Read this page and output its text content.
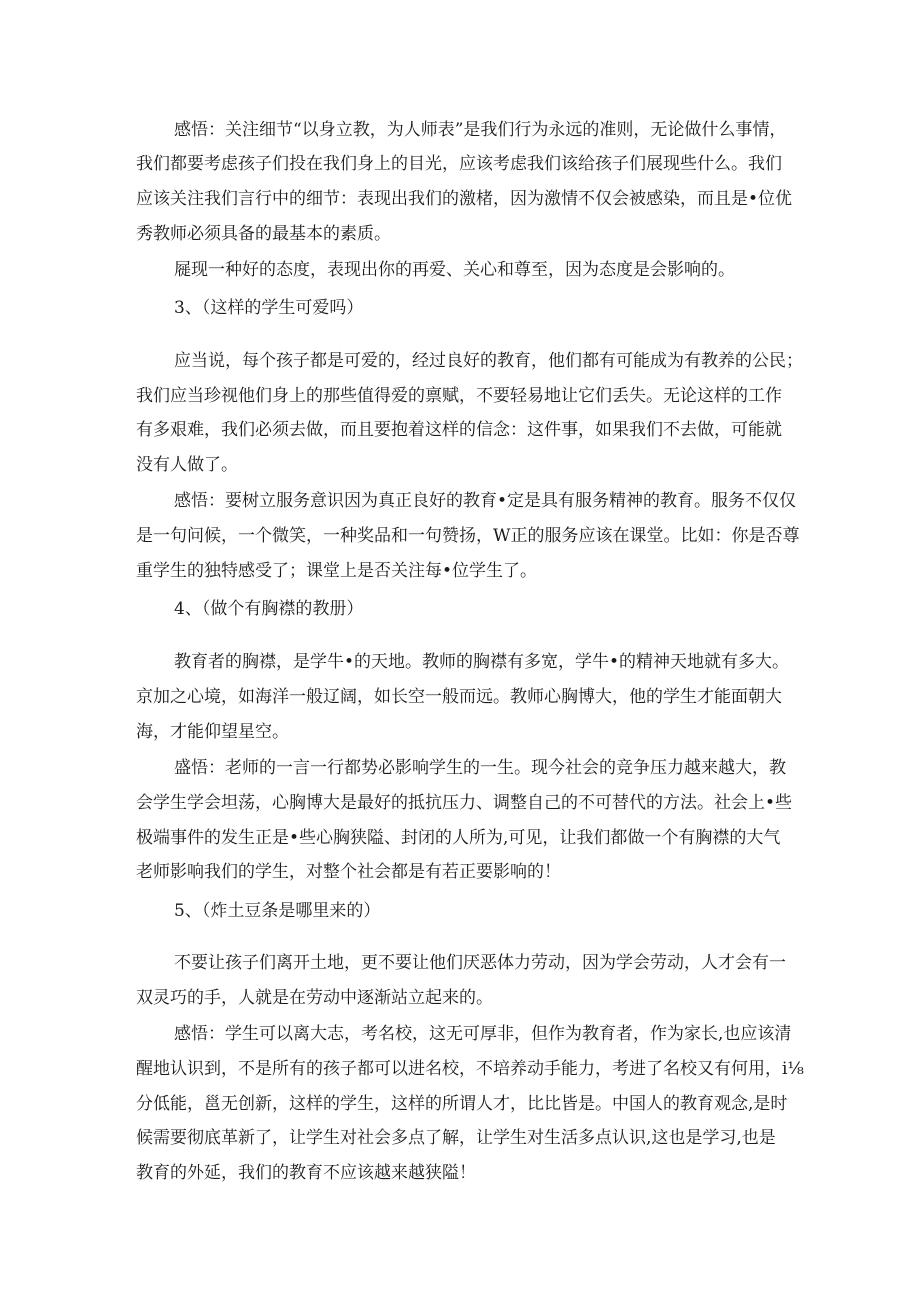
感悟：关注细节“以身立教，为人师表”是我们行为永远的准则，无论做什么事情，
我们都要考虑孩子们投在我们身上的目光，应该考虑我们该给孩子们展现些什么。我们
应该关注我们言行中的细节：表现出我们的激楮，因为激情不仅会被感染，而且是•位优
秀教师必须具备的最基本的素质。
屣现一种好的态度，表现出你的再爱、关心和尊至，因为态度是会影响的。
3、（这样的学生可爱吗）
应当说，每个孩子都是可爱的，经过良好的教育，他们都有可能成为有教养的公民；
我们应当珍视他们身上的那些值得爱的禀赋，不要轻易地让它们丢失。无论这样的工作
有多艰难，我们必须去做，而且要抱着这样的信念：这件事，如果我们不去做，可能就
没有人做了。
感悟：要树立服务意识因为真正良好的教育•定是具有服务精神的教育。服务不仅仅
是一句问候，一个微笑，一种奖品和一句赞扬，W正的服务应该在课堂。比如：你是否尊
重学生的独特感受了；课堂上是否关注每•位学生了。
4、（做个有胸襟的教册）
教育者的胸襟，是学牛•的天地。教师的胸襟有多宽，学牛•的精神天地就有多大。
京加之心境，如海洋一般辽阔，如长空一般而远。教师心胸博大，他的学生才能面朝大
海，才能仰望星空。
盛悟：老师的一言一行都势必影响学生的一生。现今社会的竞争压力越来越大，教
会学生学会坦荡，心胸博大是最好的抵抗压力、调整自己的不可替代的方法。社会上•些
极端事件的发生正是•些心胸狭隘、封闭的人所为,可见，让我们都做一个有胸襟的大气
老师影响我们的学生，对整个社会都是有若正要影响的！
5、（炸土豆条是哪里来的）
不要让孩子们离开土地，更不要让他们厌恶体力劳动，因为学会劳动，人才会有一
双灵巧的手，人就是在劳动中逐渐站立起来的。
感悟：学生可以离大志，考名校，这无可厚非，但作为教育者，作为家长,也应该清
醒地认识到，不是所有的孩子都可以进名校，不培养动手能力，考进了名校又有何用，i⅛
分低能，邕无创新，这样的学生，这样的所谓人才，比比皆是。中国人的教育观念,是时
候需要彻底革新了，让学生对社会多点了解，让学生对生活多点认识,这也是学习,也是
教育的外延，我们的教育不应该越来越狭隘！
